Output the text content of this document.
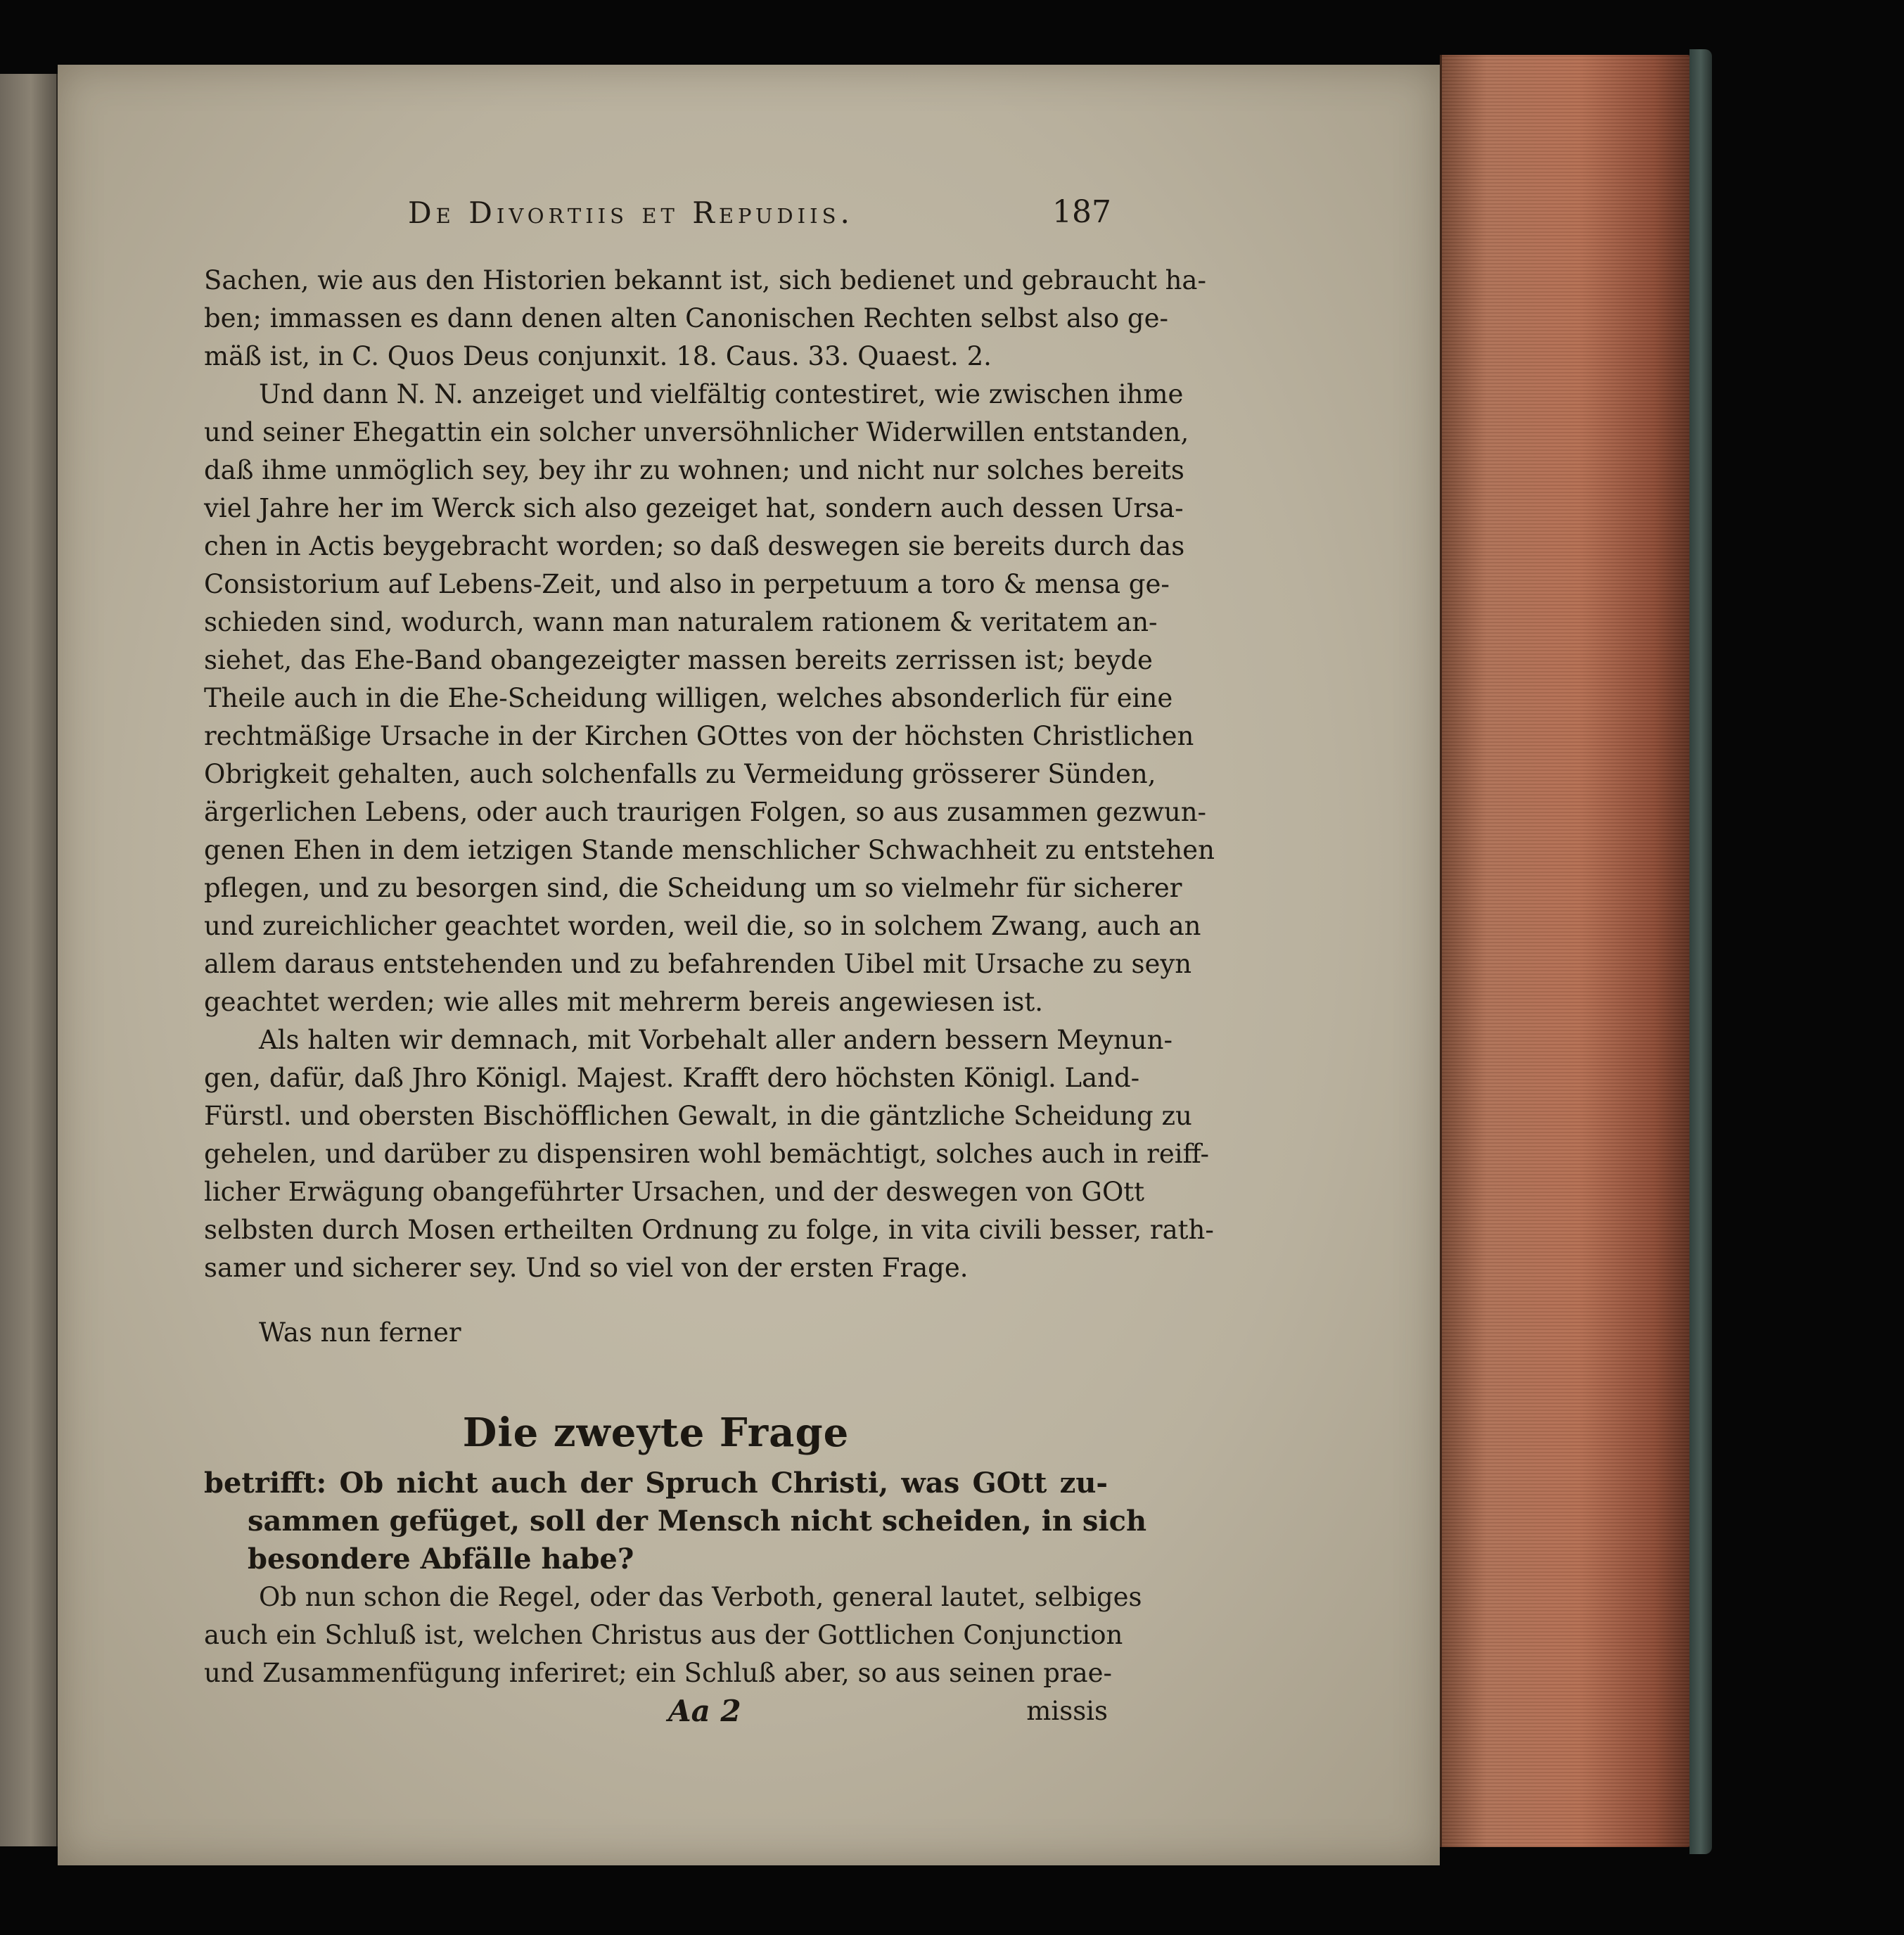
De Divortiis et Repudiis.	187
Sachen, wie aus den Historien bekannt ist, sich bedienet und gebraucht ha-
ben; immassen es dann denen alten Canonischen Rechten selbst also ge-
mäß ist, in C. Quos Deus conjunxit. 18. Caus. 33. Quaest. 2.
Und dann N. N. anzeiget und vielfältig contestiret, wie zwischen ihme
und seiner Ehegattin ein solcher unversöhnlicher Widerwillen entstanden,
daß ihme unmöglich sey, bey ihr zu wohnen; und nicht nur solches bereits
viel Jahre her im Werck sich also gezeiget hat, sondern auch dessen Ursa-
chen in Actis beygebracht worden; so daß deswegen sie bereits durch das
Consistorium auf Lebens-Zeit, und also in perpetuum a toro & mensa ge-
schieden sind, wodurch, wann man naturalem rationem & veritatem an-
siehet, das Ehe-Band obangezeigter massen bereits zerrissen ist; beyde
Theile auch in die Ehe-Scheidung willigen, welches absonderlich für eine
rechtmäßige Ursache in der Kirchen GOttes von der höchsten Christlichen
Obrigkeit gehalten, auch solchenfalls zu Vermeidung grösserer Sünden,
ärgerlichen Lebens, oder auch traurigen Folgen, so aus zusammen gezwun-
genen Ehen in dem ietzigen Stande menschlicher Schwachheit zu entstehen
pflegen, und zu besorgen sind, die Scheidung um so vielmehr für sicherer
und zureichlicher geachtet worden, weil die, so in solchem Zwang, auch an
allem daraus entstehenden und zu befahrenden Uibel mit Ursache zu seyn
geachtet werden; wie alles mit mehrerm bereis angewiesen ist.
Als halten wir demnach, mit Vorbehalt aller andern bessern Meynun-
gen, dafür, daß Jhro Königl. Majest. Krafft dero höchsten Königl. Land-
Fürstl. und obersten Bischöfflichen Gewalt, in die gäntzliche Scheidung zu
gehelen, und darüber zu dispensiren wohl bemächtigt, solches auch in reiff-
licher Erwägung obangeführter Ursachen, und der deswegen von GOtt
selbsten durch Mosen ertheilten Ordnung zu folge, in vita civili besser, rath-
samer und sicherer sey. Und so viel von der ersten Frage.
Was nun ferner
Die zweyte Frage
betrifft: Ob nicht auch der Spruch Christi, was GOtt zu-
sammen gefüget, soll der Mensch nicht scheiden, in sich
besondere Abfälle habe?
Ob nun schon die Regel, oder das Verboth, general lautet, selbiges
auch ein Schluß ist, welchen Christus aus der Gottlichen Conjunction
und Zusammenfügung inferiret; ein Schluß aber, so aus seinen prae-
Aa 2	missis
